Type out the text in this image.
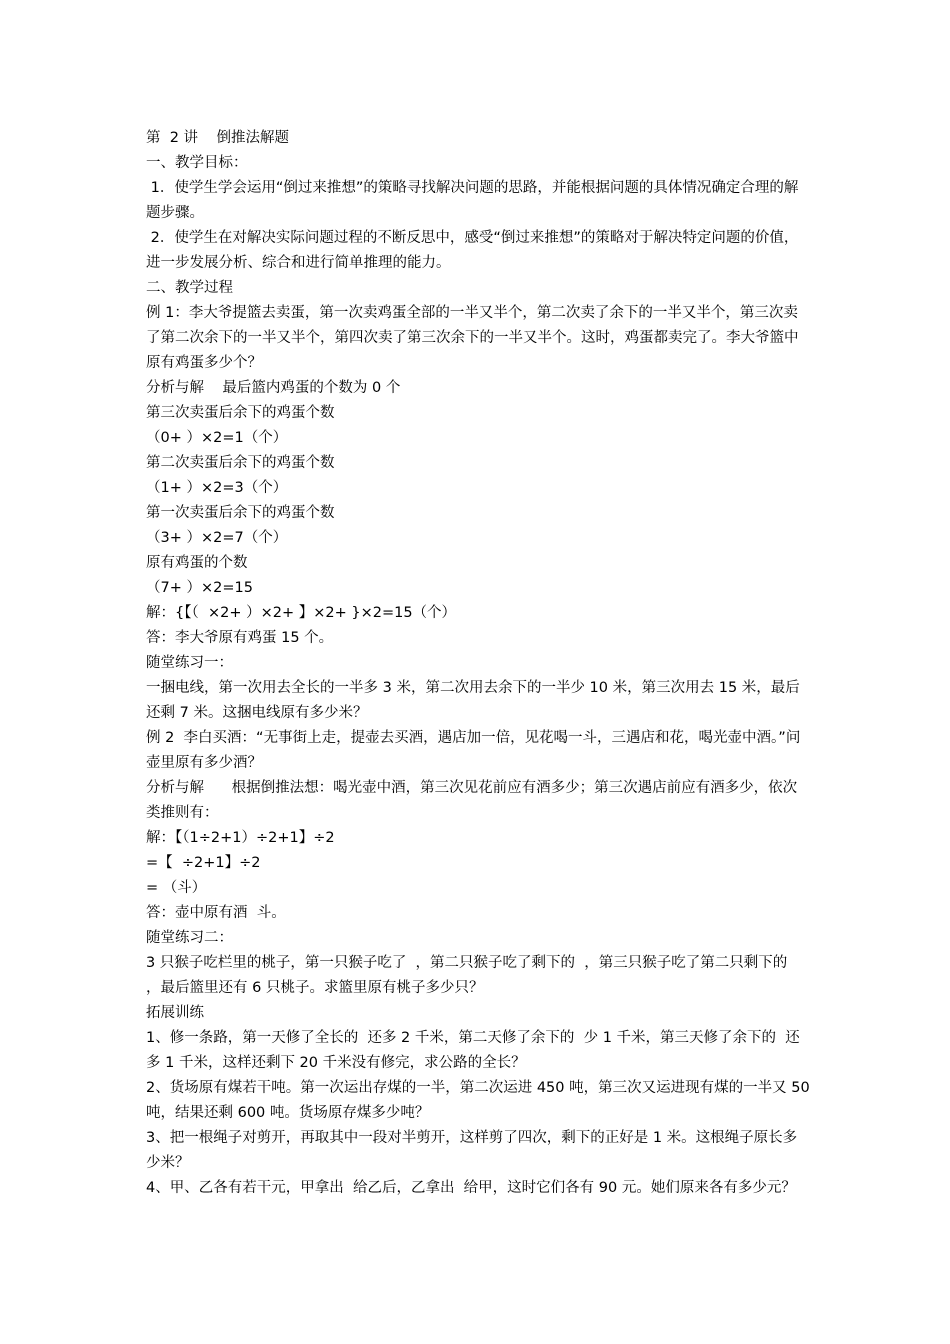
第  2 讲    倒推法解题
一、教学目标：
1．使学生学会运用“倒过来推想”的策略寻找解决问题的思路，并能根据问题的具体情况确定合理的解题步骤。
2．使学生在对解决实际问题过程的不断反思中，感受“倒过来推想”的策略对于解决特定问题的价值，进一步发展分析、综合和进行简单推理的能力。
二、教学过程
例 1：李大爷提篮去卖蛋，第一次卖鸡蛋全部的一半又半个，第二次卖了余下的一半又半个，第三次卖了第二次余下的一半又半个，第四次卖了第三次余下的一半又半个。这时，鸡蛋都卖完了。李大爷篮中原有鸡蛋多少个？
分析与解    最后篮内鸡蛋的个数为 0 个
第三次卖蛋后余下的鸡蛋个数
（0+ ）×2=1（个）
第二次卖蛋后余下的鸡蛋个数
（1+ ）×2=3（个）
第一次卖蛋后余下的鸡蛋个数
（3+ ）×2=7（个）
原有鸡蛋的个数
（7+ ）×2=15
解：{【（  ×2+ ）×2+ 】×2+ }×2=15（个）
答：李大爷原有鸡蛋 15 个。
随堂练习一：
一捆电线，第一次用去全长的一半多 3 米，第二次用去余下的一半少 10 米，第三次用去 15 米，最后还剩 7 米。这捆电线原有多少米？
例 2  李白买酒：“无事街上走，提壶去买酒，遇店加一倍，见花喝一斗，三遇店和花，喝光壶中酒。”问壶里原有多少酒？
分析与解      根据倒推法想：喝光壶中酒，第三次见花前应有酒多少；第三次遇店前应有酒多少，依次类推则有：
解：【（1÷2+1）÷2+1】÷2
=【  ÷2+1】÷2
= （斗）
答：壶中原有酒  斗。
随堂练习二：
3 只猴子吃栏里的桃子，第一只猴子吃了  ，第二只猴子吃了剩下的  ，第三只猴子吃了第二只剩下的  ，最后篮里还有 6 只桃子。求篮里原有桃子多少只？
拓展训练
1、修一条路，第一天修了全长的  还多 2 千米，第二天修了余下的  少 1 千米，第三天修了余下的  还多 1 千米，这样还剩下 20 千米没有修完，求公路的全长？
2、货场原有煤若干吨。第一次运出存煤的一半，第二次运进 450 吨，第三次又运进现有煤的一半又 50 吨，结果还剩 600 吨。货场原存煤多少吨？
3、把一根绳子对剪开，再取其中一段对半剪开，这样剪了四次，剩下的正好是 1 米。这根绳子原长多少米？
4、甲、乙各有若干元，甲拿出  给乙后，乙拿出  给甲，这时它们各有 90 元。她们原来各有多少元？
